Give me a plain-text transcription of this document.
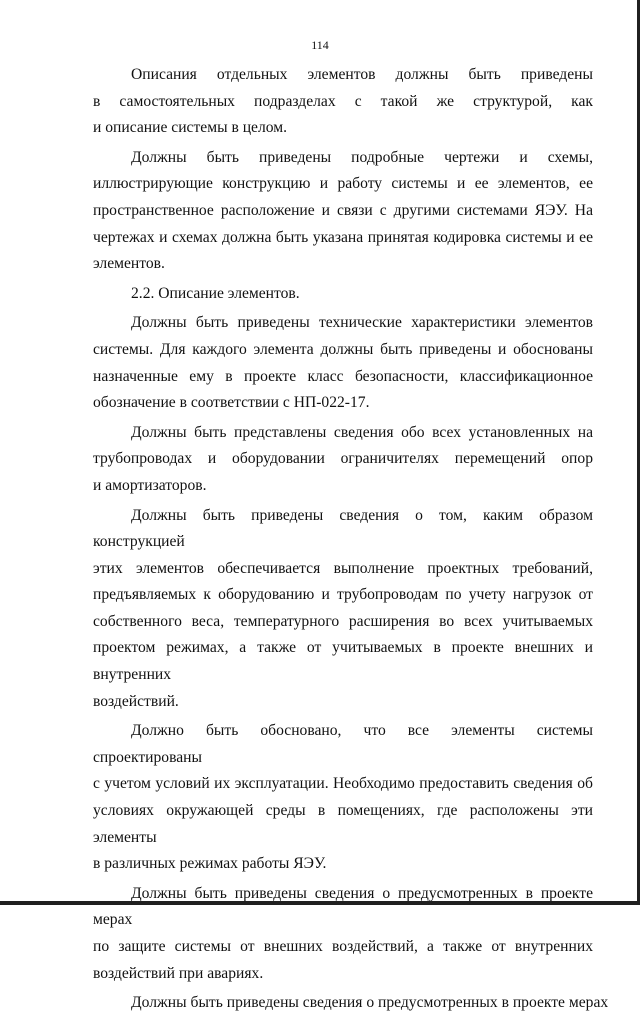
114

Описания отдельных элементов должны быть приведены
в самостоятельных подразделах с такой же структурой, как
и описание системы в целом.

Должны быть приведены подробные чертежи и схемы,
иллюстрирующие конструкцию и работу системы и ее элементов, ее
пространственное расположение и связи с другими системами ЯЭУ. На
чертежах и схемах должна быть указана принятая кодировка системы и ее
элементов.

2.2. Описание элементов.

Должны быть приведены технические характеристики элементов
системы. Для каждого элемента должны быть приведены и обоснованы
назначенные ему в проекте класс безопасности, классификационное
обозначение в соответствии с НП-022-17.

Должны быть представлены сведения обо всех установленных на
трубопроводах и оборудовании ограничителях перемещений опор
и амортизаторов.

Должны быть приведены сведения о том, каким образом конструкцией
этих элементов обеспечивается выполнение проектных требований,
предъявляемых к оборудованию и трубопроводам по учету нагрузок от
собственного веса, температурного расширения во всех учитываемых
проектом режимах, а также от учитываемых в проекте внешних и внутренних
воздействий.

Должно быть обосновано, что все элементы системы спроектированы
с учетом условий их эксплуатации. Необходимо предоставить сведения об
условиях окружающей среды в помещениях, где расположены эти элементы
в различных режимах работы ЯЭУ.

Должны быть приведены сведения о предусмотренных в проекте мерах
по защите системы от внешних воздействий, а также от внутренних
воздействий при авариях.

Должны быть приведены сведения о предусмотренных в проекте мерах
